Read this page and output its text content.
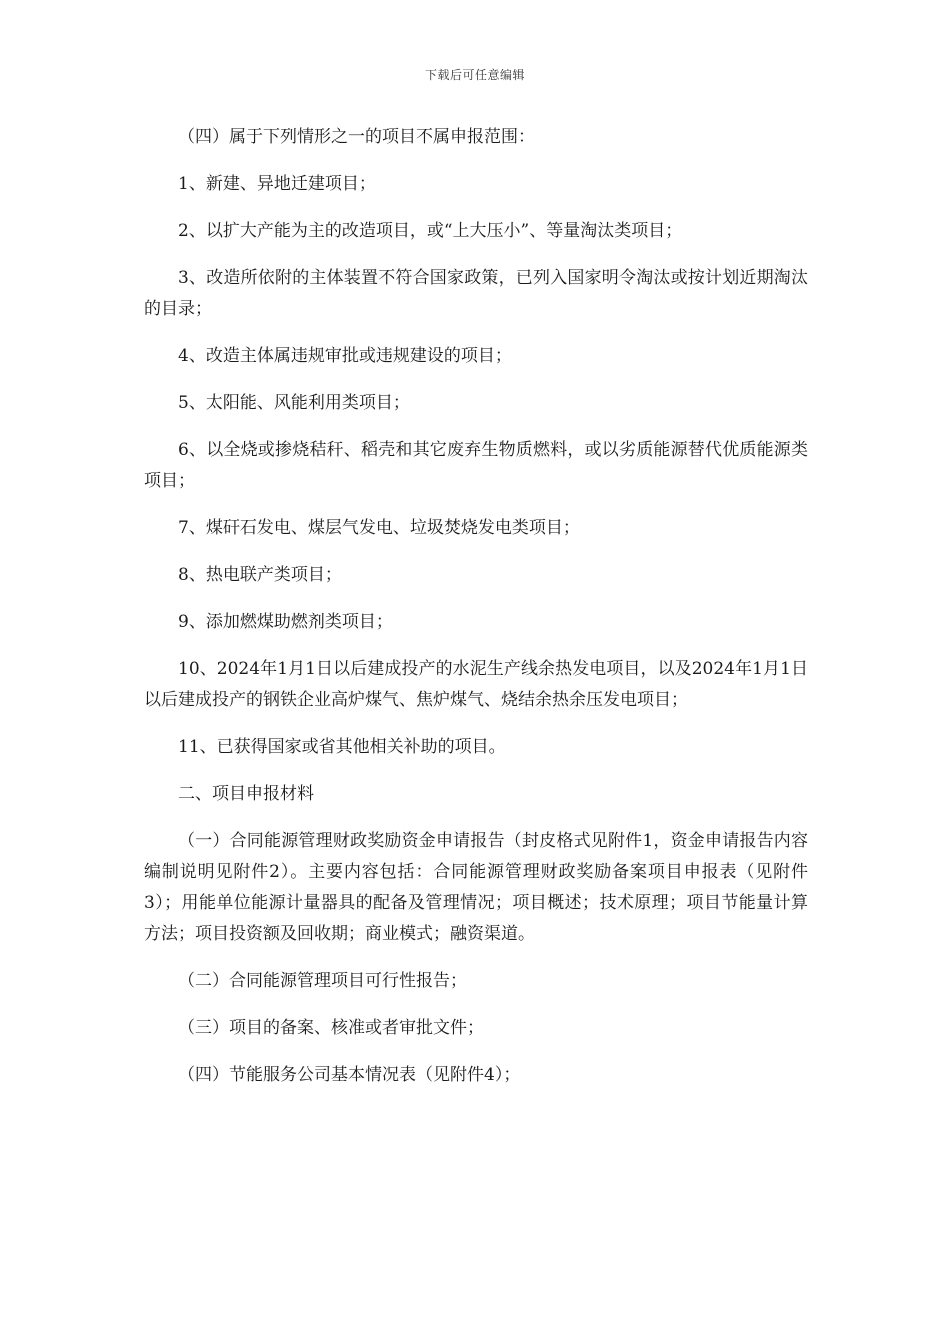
下载后可任意编辑

（四）属于下列情形之一的项目不属申报范围：

1、新建、异地迁建项目；

2、以扩大产能为主的改造项目，或“上大压小”、等量淘汰类项目；

3、改造所依附的主体装置不符合国家政策，已列入国家明令淘汰或按计划近期淘汰的目录；

4、改造主体属违规审批或违规建设的项目；

5、太阳能、风能利用类项目；

6、以全烧或掺烧秸秆、稻壳和其它废弃生物质燃料，或以劣质能源替代优质能源类项目；

7、煤矸石发电、煤层气发电、垃圾焚烧发电类项目；

8、热电联产类项目；

9、添加燃煤助燃剂类项目；

10、2024年1月1日以后建成投产的水泥生产线余热发电项目，以及2024年1月1日以后建成投产的钢铁企业高炉煤气、焦炉煤气、烧结余热余压发电项目；

11、已获得国家或省其他相关补助的项目。

二、项目申报材料

（一）合同能源管理财政奖励资金申请报告（封皮格式见附件1，资金申请报告内容编制说明见附件2）。主要内容包括：合同能源管理财政奖励备案项目申报表（见附件3）；用能单位能源计量器具的配备及管理情况；项目概述；技术原理；项目节能量计算方法；项目投资额及回收期；商业模式；融资渠道。

（二）合同能源管理项目可行性报告；

（三）项目的备案、核准或者审批文件；

（四）节能服务公司基本情况表（见附件4）；
